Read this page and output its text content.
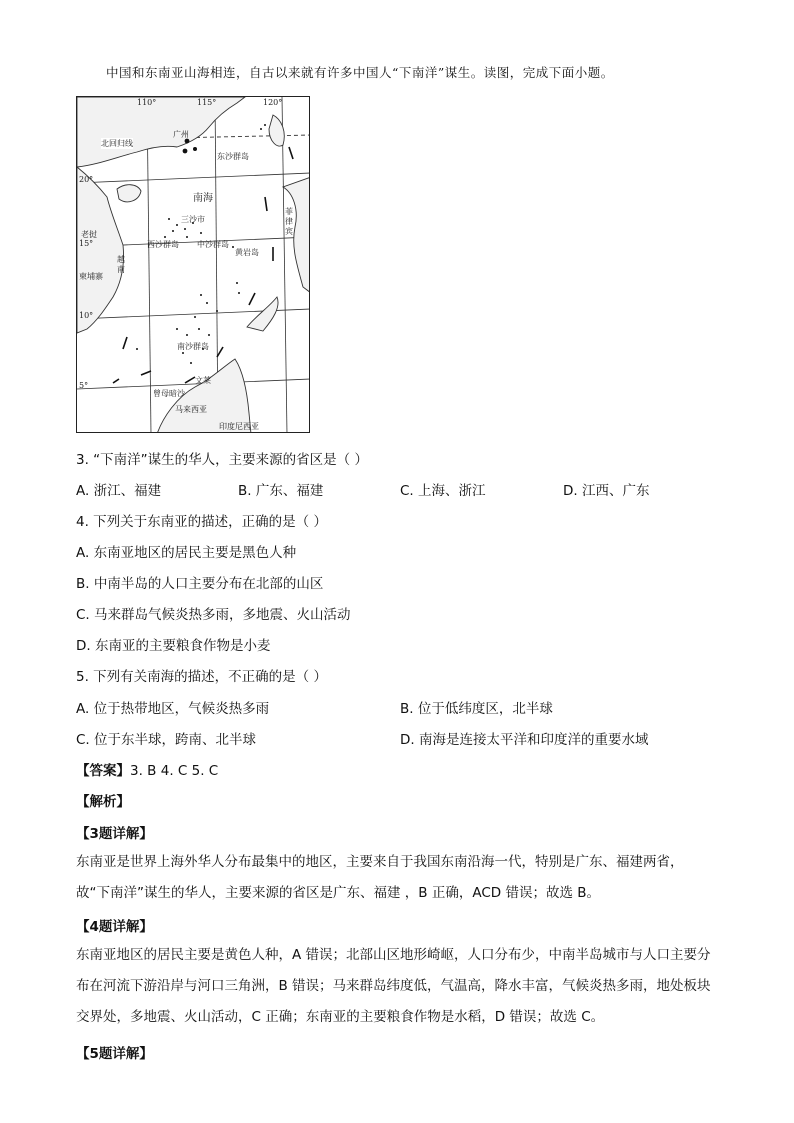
中国和东南亚山海相连，自古以来就有许多中国人“下南洋”谋生。读图，完成下面小题。
110°	115°	120°
20°
15°
10°
5°
北回归线
广州
东沙群岛
南海
三沙市
西沙群岛 中沙群岛
黄岩岛
老挝
越南
柬埔寨
菲律宾
南沙群岛
文莱
曾母暗沙
马来西亚
印度尼西亚
3. “下南洋”谋生的华人，主要来源的省区是（ ）
A. 浙江、福建	B. 广东、福建	C. 上海、浙江	D. 江西、广东
4. 下列关于东南亚的描述，正确的是（ ）
A. 东南亚地区的居民主要是黑色人种
B. 中南半岛的人口主要分布在北部的山区
C. 马来群岛气候炎热多雨，多地震、火山活动
D. 东南亚的主要粮食作物是小麦
5. 下列有关南海的描述，不正确的是（ ）
A. 位于热带地区，气候炎热多雨	B. 位于低纬度区，北半球
C. 位于东半球，跨南、北半球	D. 南海是连接太平洋和印度洋的重要水域
【答案】3. B 4. C 5. C
【解析】
【3题详解】
东南亚是世界上海外华人分布最集中的地区，主要来自于我国东南沿海一代，特别是广东、福建两省，故“下南洋”谋生的华人，主要来源的省区是广东、福建 ，B 正确，ACD 错误；故选 B。
【4题详解】
东南亚地区的居民主要是黄色人种，A 错误；北部山区地形崎岖，人口分布少，中南半岛城市与人口主要分布在河流下游沿岸与河口三角洲，B 错误；马来群岛纬度低，气温高，降水丰富，气候炎热多雨，地处板块交界处，多地震、火山活动，C 正确；东南亚的主要粮食作物是水稻，D 错误；故选 C。
【5题详解】
